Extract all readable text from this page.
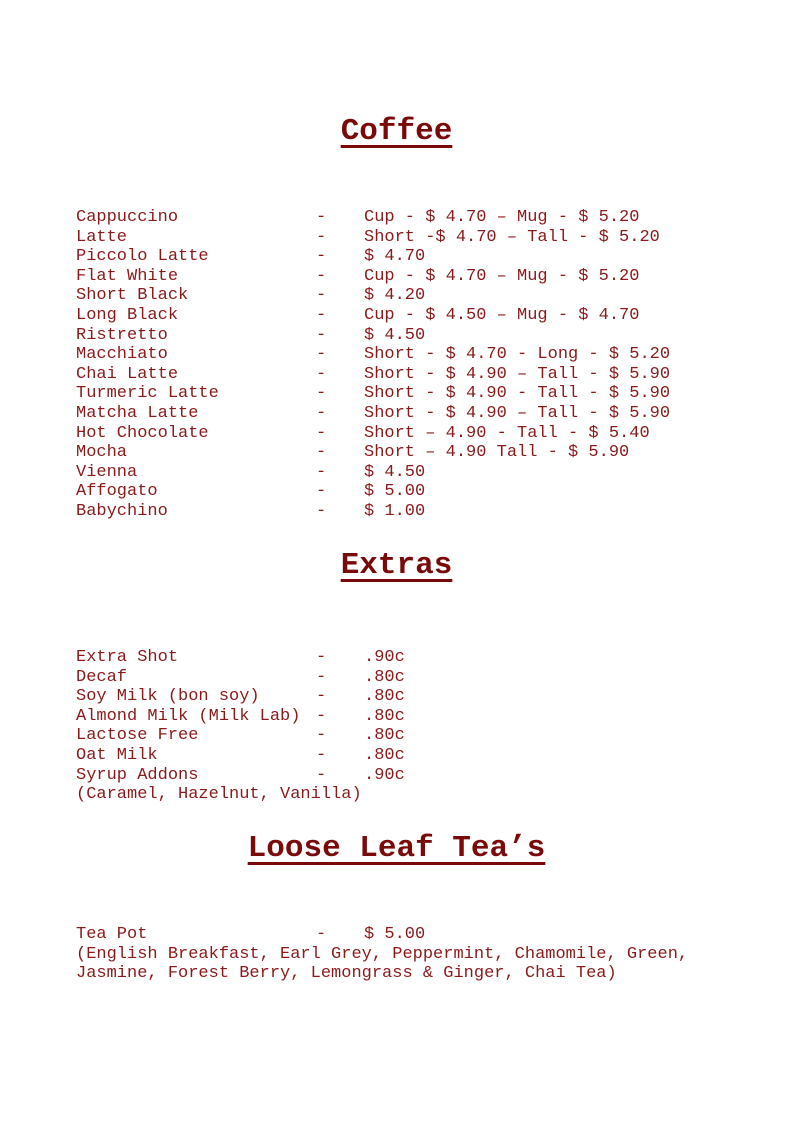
Coffee
Cappuccino	- Cup - $ 4.70 – Mug - $ 5.20
Latte	- Short -$ 4.70 – Tall - $ 5.20
Piccolo Latte	- $ 4.70
Flat White	- Cup - $ 4.70 – Mug - $ 5.20
Short Black	- $ 4.20
Long Black	- Cup - $ 4.50 – Mug - $ 4.70
Ristretto	- $ 4.50
Macchiato	- Short - $ 4.70 - Long - $ 5.20
Chai Latte	- Short - $ 4.90 – Tall - $ 5.90
Turmeric Latte	- Short - $ 4.90 - Tall - $ 5.90
Matcha Latte	- Short - $ 4.90 – Tall - $ 5.90
Hot Chocolate	- Short – 4.90 - Tall - $ 5.40
Mocha	- Short – 4.90 Tall - $ 5.90
Vienna	- $ 4.50
Affogato	- $ 5.00
Babychino	- $ 1.00
Extras
Extra Shot	- .90c
Decaf	- .80c
Soy Milk (bon soy)	- .80c
Almond Milk (Milk Lab) - .80c
Lactose Free	- .80c
Oat Milk	- .80c
Syrup Addons	- .90c
(Caramel, Hazelnut, Vanilla)
Loose Leaf Tea’s
Tea Pot	- $ 5.00
(English Breakfast, Earl Grey, Peppermint, Chamomile, Green,
Jasmine, Forest Berry, Lemongrass & Ginger, Chai Tea)
